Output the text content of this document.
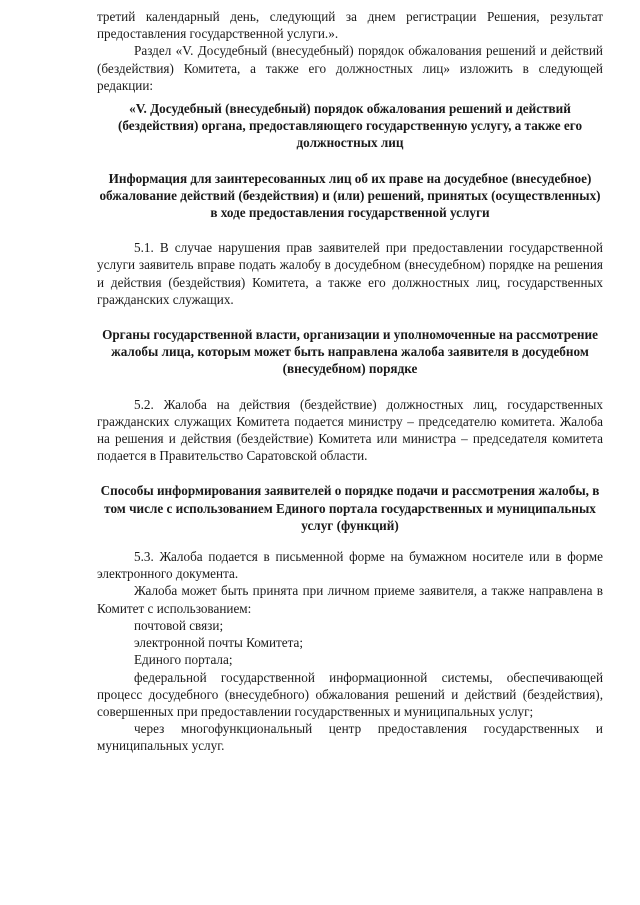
третий календарный день, следующий за днем регистрации Решения, результат предоставления государственной услуги.».

Раздел «V. Досудебный (внесудебный) порядок обжалования решений и действий (бездействия) Комитета, а также его должностных лиц» изложить в следующей редакции:

«V. Досудебный (внесудебный) порядок обжалования решений и действий (бездействия) органа, предоставляющего государственную услугу, а также его должностных лиц

Информация для заинтересованных лиц об их праве на досудебное (внесудебное) обжалование действий (бездействия) и (или) решений, принятых (осуществленных) в ходе предоставления государственной услуги

5.1. В случае нарушения прав заявителей при предоставлении государственной услуги заявитель вправе подать жалобу в досудебном (внесудебном) порядке на решения и действия (бездействия) Комитета, а также его должностных лиц, государственных гражданских служащих.

Органы государственной власти, организации и уполномоченные на рассмотрение жалобы лица, которым может быть направлена жалоба заявителя в досудебном (внесудебном) порядке

5.2. Жалоба на действия (бездействие) должностных лиц, государственных гражданских служащих Комитета подается министру – председателю комитета. Жалоба на решения и действия (бездействие) Комитета или министра – председателя комитета подается в Правительство Саратовской области.

Способы информирования заявителей о порядке подачи и рассмотрения жалобы, в том числе с использованием Единого портала государственных и муниципальных услуг (функций)

5.3. Жалоба подается в письменной форме на бумажном носителе или в форме электронного документа.

Жалоба может быть принята при личном приеме заявителя, а также направлена в Комитет с использованием:

почтовой связи;

электронной почты Комитета;

Единого портала;

федеральной государственной информационной системы, обеспечивающей процесс досудебного (внесудебного) обжалования решений и действий (бездействия), совершенных при предоставлении государственных и муниципальных услуг;

через многофункциональный центр предоставления государственных и муниципальных услуг.
